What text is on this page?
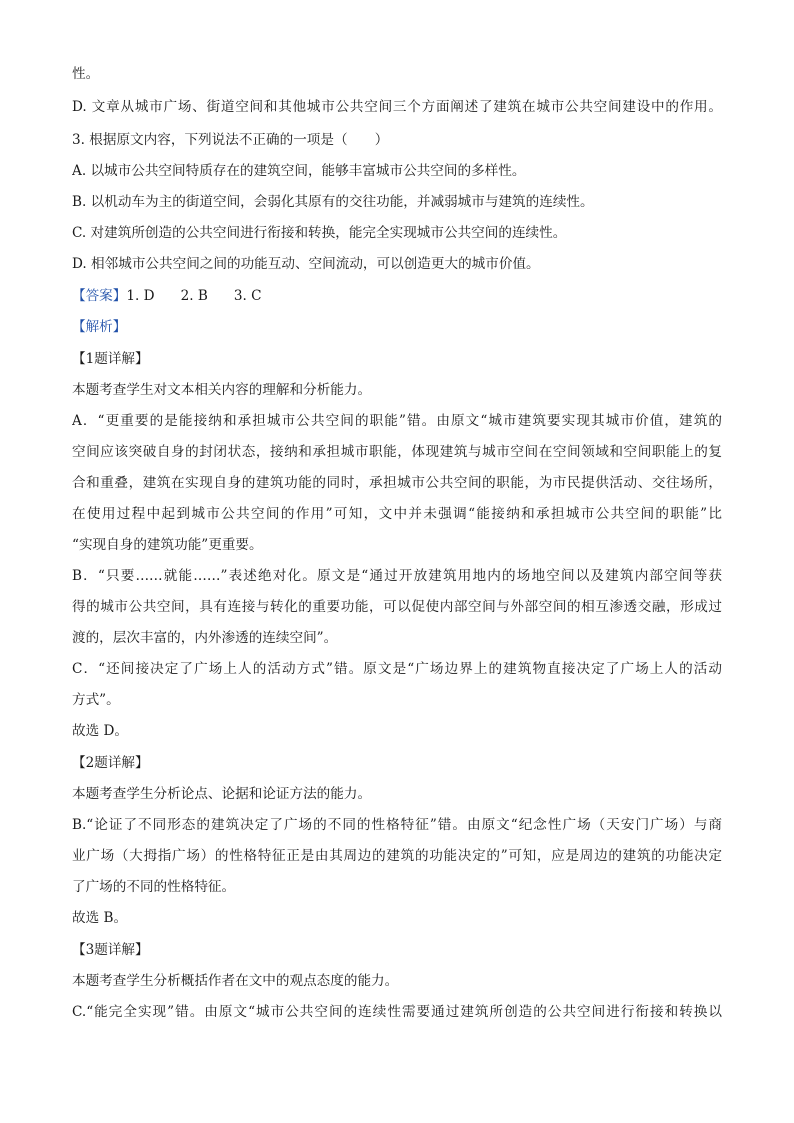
性。
D. 文章从城市广场、街道空间和其他城市公共空间三个方面阐述了建筑在城市公共空间建设中的作用。
3. 根据原文内容，下列说法不正确的一项是（　　）
A. 以城市公共空间特质存在的建筑空间，能够丰富城市公共空间的多样性。
B. 以机动车为主的街道空间，会弱化其原有的交往功能，并减弱城市与建筑的连续性。
C. 对建筑所创造的公共空间进行衔接和转换，能完全实现城市公共空间的连续性。
D. 相邻城市公共空间之间的功能互动、空间流动，可以创造更大的城市价值。
【答案】1. D 2. B 3. C
【解析】
【1题详解】
本题考查学生对文本相关内容的理解和分析能力。
A．“更重要的是能接纳和承担城市公共空间的职能”错。由原文“城市建筑要实现其城市价值，建筑的
空间应该突破自身的封闭状态，接纳和承担城市职能，体现建筑与城市空间在空间领域和空间职能上的复
合和重叠，建筑在实现自身的建筑功能的同时，承担城市公共空间的职能，为市民提供活动、交往场所，
在使用过程中起到城市公共空间的作用”可知，文中并未强调“能接纳和承担城市公共空间的职能”比
“实现自身的建筑功能”更重要。
B．“只要……就能……”表述绝对化。原文是“通过开放建筑用地内的场地空间以及建筑内部空间等获
得的城市公共空间，具有连接与转化的重要功能，可以促使内部空间与外部空间的相互渗透交融，形成过
渡的，层次丰富的，内外渗透的连续空间”。
C．“还间接决定了广场上人的活动方式”错。原文是“广场边界上的建筑物直接决定了广场上人的活动
方式”。
故选 D。
【2题详解】
本题考查学生分析论点、论据和论证方法的能力。
B.“论证了不同形态的建筑决定了广场的不同的性格特征”错。由原文“纪念性广场（天安门广场）与商
业广场（大拇指广场）的性格特征正是由其周边的建筑的功能决定的”可知，应是周边的建筑的功能决定
了广场的不同的性格特征。
故选 B。
【3题详解】
本题考查学生分析概括作者在文中的观点态度的能力。
C.“能完全实现”错。由原文“城市公共空间的连续性需要通过建筑所创造的公共空间进行衔接和转换以
